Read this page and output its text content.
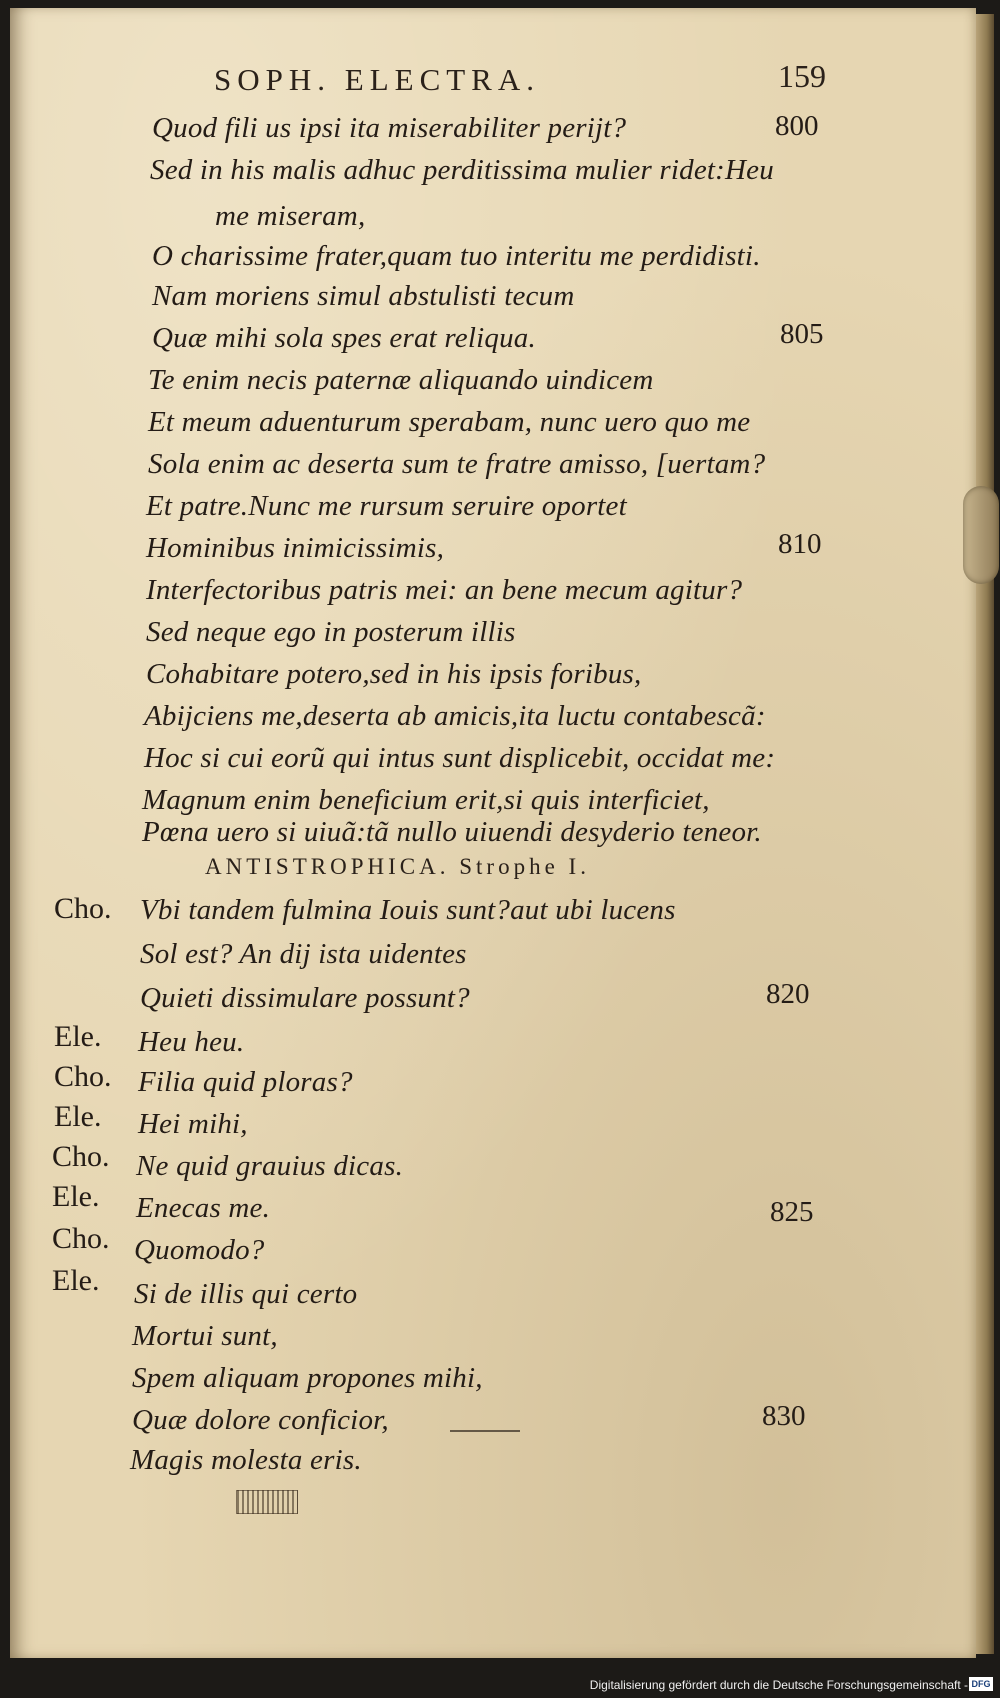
SOPH. ELECTRA.	159
Quod fili us ipsi ita miserabiliter perijt?	800
Sed in his malis adhuc perditissima mulier ridet:Heu
me miseram,
O charissime frater,quam tuo interitu me perdidisti.
Nam moriens simul abstulisti tecum
Quæ mihi sola spes erat reliqua.	805
Te enim necis paternæ aliquando uindicem
Et meum aduenturum sperabam, nunc uero quo me
Sola enim ac deserta sum te fratre amisso, [uertam?
Et patre.Nunc me rursum seruire oportet
Hominibus inimicissimis,	810
Interfectoribus patris mei: an bene mecum agitur?
Sed neque ego in posterum illis
Cohabitare potero,sed in his ipsis foribus,
Abijciens me,deserta ab amicis,ita luctu contabescã:
Hoc si cui eorũ qui intus sunt displicebit, occidat me:
Magnum enim beneficium erit,si quis interficiet,
Pœna uero si uiuã:tã nullo uiuendi desyderio teneor.
ANTISTROPHICA. Strophe I.
Cho. Vbi tandem fulmina Iouis sunt?aut ubi lucens
Sol est? An dij ista uidentes
Quieti dissimulare possunt?	820
Ele. Heu heu.
Cho. Filia quid ploras?
Ele. Hei mihi,
Cho. Ne quid grauius dicas.
Ele. Enecas me.	825
Cho. Quomodo?
Ele. Si de illis qui certo
Mortui sunt,
Spem aliquam propones mihi,
Quæ dolore conficior,	830
Magis molesta eris.
Digitalisierung gefördert durch die Deutsche Forschungsgemeinschaft - DFG
